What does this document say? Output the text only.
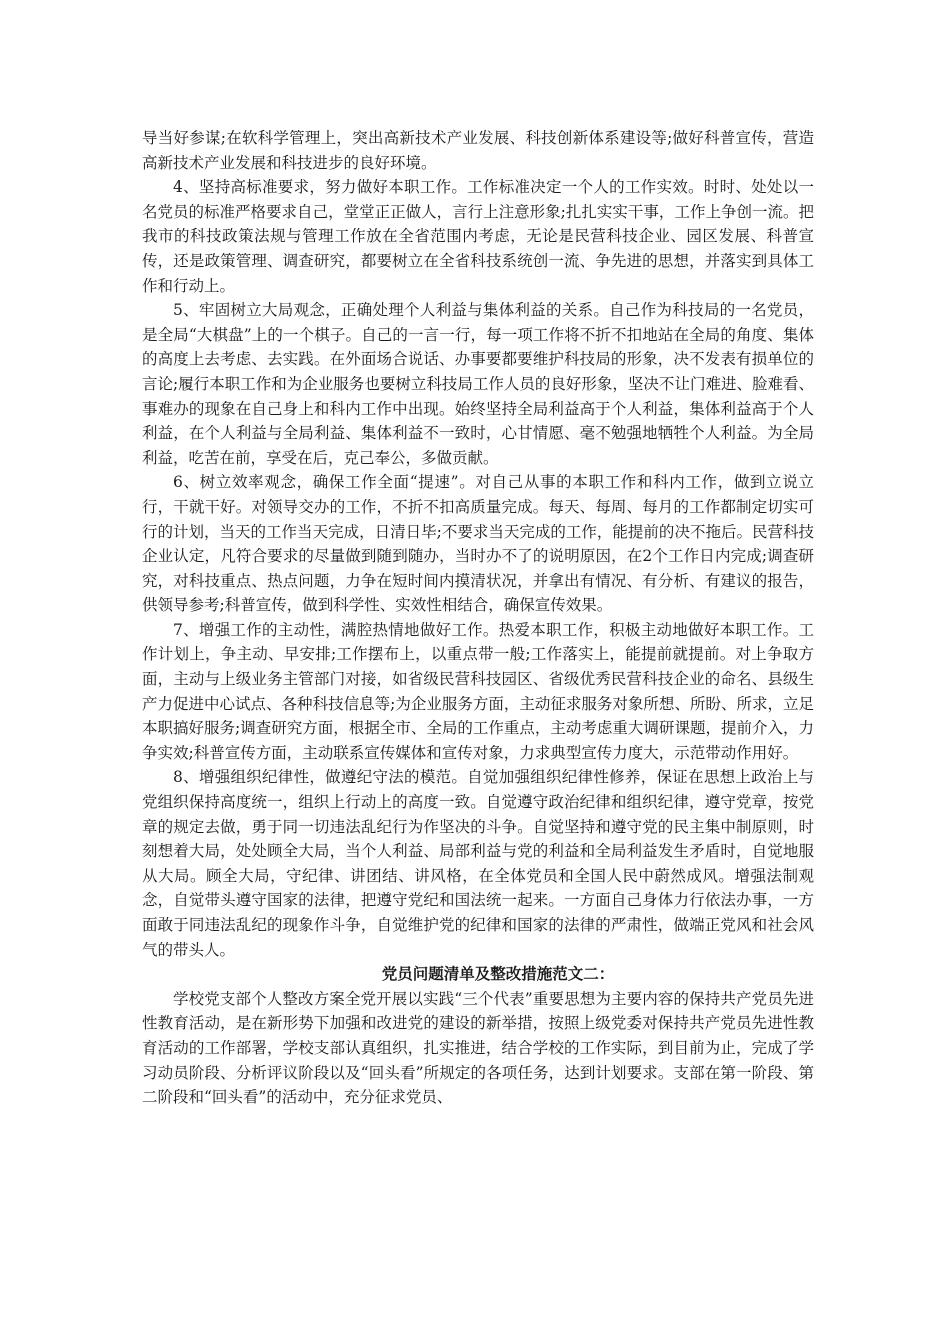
导当好参谋;在软科学管理上，突出高新技术产业发展、科技创新体系建设等;做好科普宣传，营造高新技术产业发展和科技进步的良好环境。

4、坚持高标准要求，努力做好本职工作。工作标准决定一个人的工作实效。时时、处处以一名党员的标准严格要求自己，堂堂正正做人，言行上注意形象;扎扎实实干事，工作上争创一流。把我市的科技政策法规与管理工作放在全省范围内考虑，无论是民营科技企业、园区发展、科普宣传，还是政策管理、调查研究，都要树立在全省科技系统创一流、争先进的思想，并落实到具体工作和行动上。

5、牢固树立大局观念，正确处理个人利益与集体利益的关系。自己作为科技局的一名党员，是全局“大棋盘”上的一个棋子。自己的一言一行，每一项工作将不折不扣地站在全局的角度、集体的高度上去考虑、去实践。在外面场合说话、办事要都要维护科技局的形象，决不发表有损单位的言论;履行本职工作和为企业服务也要树立科技局工作人员的良好形象，坚决不让门难进、脸难看、事难办的现象在自己身上和科内工作中出现。始终坚持全局利益高于个人利益，集体利益高于个人利益，在个人利益与全局利益、集体利益不一致时，心甘情愿、毫不勉强地牺牲个人利益。为全局利益，吃苦在前，享受在后，克己奉公，多做贡献。

6、树立效率观念，确保工作全面“提速”。对自己从事的本职工作和科内工作，做到立说立行，干就干好。对领导交办的工作，不折不扣高质量完成。每天、每周、每月的工作都制定切实可行的计划，当天的工作当天完成，日清日毕;不要求当天完成的工作，能提前的决不拖后。民营科技企业认定，凡符合要求的尽量做到随到随办，当时办不了的说明原因，在2个工作日内完成;调查研究，对科技重点、热点问题，力争在短时间内摸清状况，并拿出有情况、有分析、有建议的报告，供领导参考;科普宣传，做到科学性、实效性相结合，确保宣传效果。

7、增强工作的主动性，满腔热情地做好工作。热爱本职工作，积极主动地做好本职工作。工作计划上，争主动、早安排;工作摆布上，以重点带一般;工作落实上，能提前就提前。对上争取方面，主动与上级业务主管部门对接，如省级民营科技园区、省级优秀民营科技企业的命名、县级生产力促进中心试点、各种科技信息等;为企业服务方面，主动征求服务对象所想、所盼、所求，立足本职搞好服务;调查研究方面，根据全市、全局的工作重点，主动考虑重大调研课题，提前介入，力争实效;科普宣传方面，主动联系宣传媒体和宣传对象，力求典型宣传力度大，示范带动作用好。

8、增强组织纪律性，做遵纪守法的模范。自觉加强组织纪律性修养，保证在思想上政治上与党组织保持高度统一，组织上行动上的高度一致。自觉遵守政治纪律和组织纪律，遵守党章，按党章的规定去做，勇于同一切违法乱纪行为作坚决的斗争。自觉坚持和遵守党的民主集中制原则，时刻想着大局，处处顾全大局，当个人利益、局部利益与党的利益和全局利益发生矛盾时，自觉地服从大局。顾全大局，守纪律、讲团结、讲风格，在全体党员和全国人民中蔚然成风。增强法制观念，自觉带头遵守国家的法律，把遵守党纪和国法统一起来。一方面自己身体力行依法办事，一方面敢于同违法乱纪的现象作斗争，自觉维护党的纪律和国家的法律的严肃性，做端正党风和社会风气的带头人。

党员问题清单及整改措施范文二：

学校党支部个人整改方案全党开展以实践“三个代表”重要思想为主要内容的保持共产党员先进性教育活动，是在新形势下加强和改进党的建设的新举措，按照上级党委对保持共产党员先进性教育活动的工作部署，学校支部认真组织，扎实推进，结合学校的工作实际，到目前为止，完成了学习动员阶段、分析评议阶段以及“回头看”所规定的各项任务，达到计划要求。支部在第一阶段、第二阶段和“回头看”的活动中，充分征求党员、
